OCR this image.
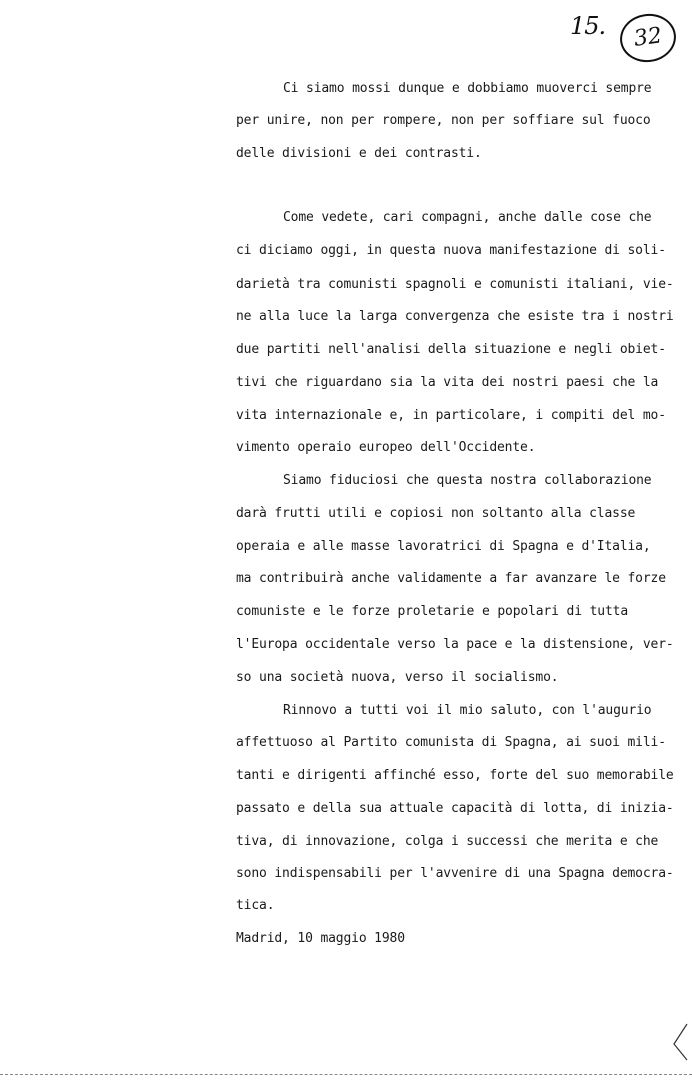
15.	32
Ci siamo mossi dunque e dobbiamo muoverci sempre
per unire, non per rompere, non per soffiare sul fuoco
delle divisioni e dei contrasti.
Come vedete, cari compagni, anche dalle cose che
ci diciamo oggi, in questa nuova manifestazione di soli-
darietà tra comunisti spagnoli e comunisti italiani, vie-
ne alla luce la larga convergenza che esiste tra i nostri
due partiti nell'analisi della situazione e negli obiet-
tivi che riguardano sia la vita dei nostri paesi che la
vita internazionale e, in particolare, i compiti del mo-
vimento operaio europeo dell'Occidente.
Siamo fiduciosi che questa nostra collaborazione
darà frutti utili e copiosi non soltanto alla classe
operaia e alle masse lavoratrici di Spagna e d'Italia,
ma contribuirà anche validamente a far avanzare le forze
comuniste e le forze proletarie e popolari di tutta
l'Europa occidentale verso la pace e la distensione, ver-
so una società nuova, verso il socialismo.
Rinnovo a tutti voi il mio saluto, con l'augurio
affettuoso al Partito comunista di Spagna, ai suoi mili-
tanti e dirigenti affinché esso, forte del suo memorabile
passato e della sua attuale capacità di lotta, di inizia-
tiva, di innovazione, colga i successi che merita e che
sono indispensabili per l'avvenire di una Spagna democra-
tica.
Madrid, 10 maggio 1980
